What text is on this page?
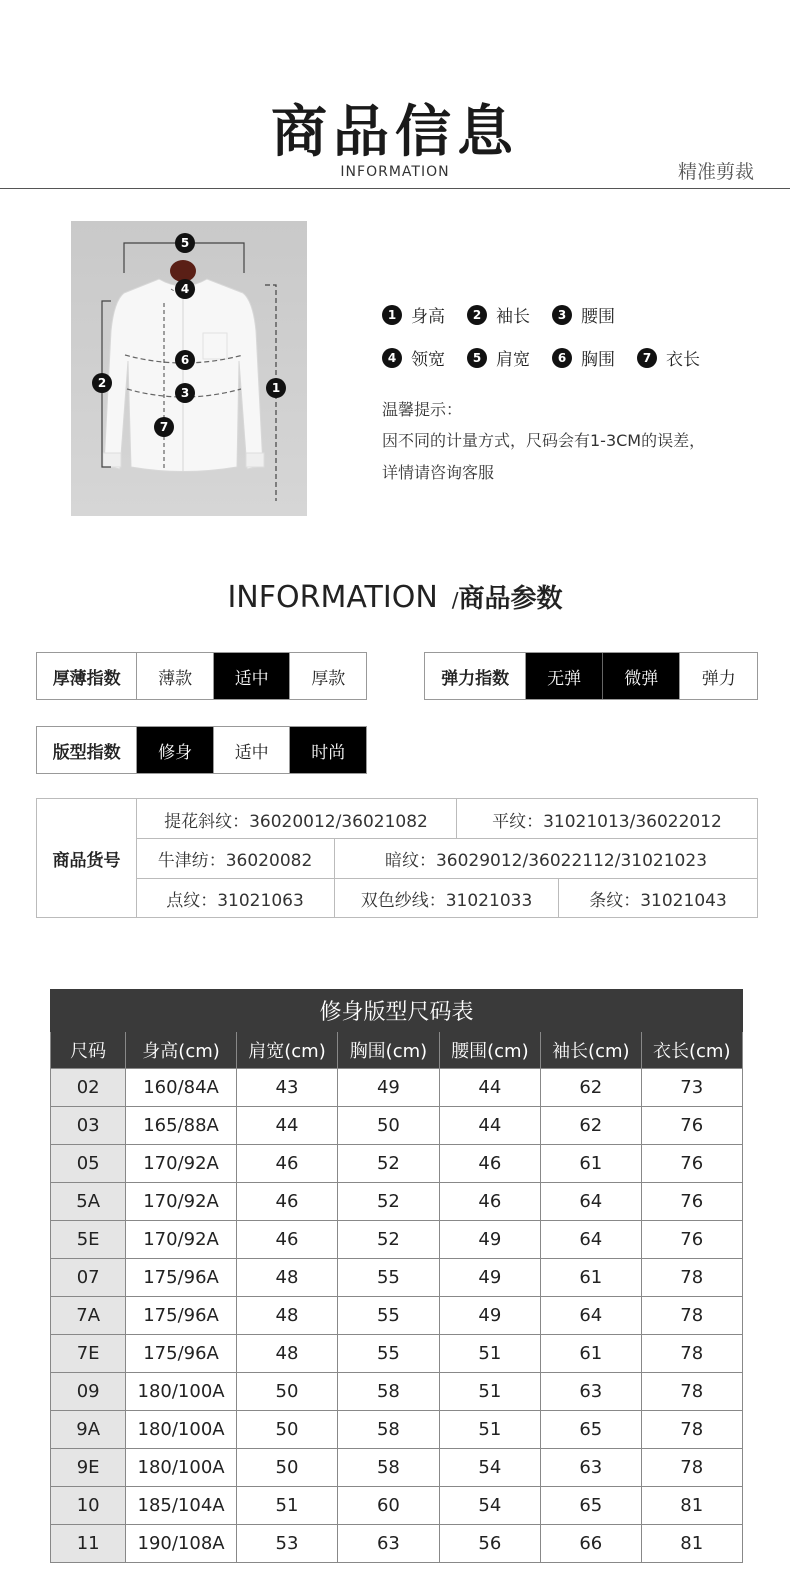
商品信息
INFORMATION	精准剪裁
5
4
6
3
7
2	1
1 身高	2 袖长	3 腰围
4 领宽	5 肩宽	6 胸围	7 衣长
温馨提示：
因不同的计量方式，尺码会有1-3CM的误差，
详情请咨询客服
INFORMATION /商品参数
厚薄指数	薄款	适中	厚款	弹力指数	无弹	微弹	弹力
版型指数	修身	适中	时尚
商品货号
提花斜纹：36020012/36021082	平纹：31021013/36022012
牛津纺：36020082	暗纹：36029012/36022112/31021023
点纹：31021063	双色纱线：31021033	条纹：31021043
修身版型尺码表						
尺码	身高(cm)	肩宽(cm)	胸围(cm)	腰围(cm)	袖长(cm)	衣长(cm)
02	160/84A	43	49	44	62	73
03	165/88A	44	50	44	62	76
05	170/92A	46	52	46	61	76
5A	170/92A	46	52	46	64	76
5E	170/92A	46	52	49	64	76
07	175/96A	48	55	49	61	78
7A	175/96A	48	55	49	64	78
7E	175/96A	48	55	51	61	78
09	180/100A	50	58	51	63	78
9A	180/100A	50	58	51	65	78
9E	180/100A	50	58	54	63	78
10	185/104A	51	60	54	65	81
11	190/108A	53	63	56	66	81
